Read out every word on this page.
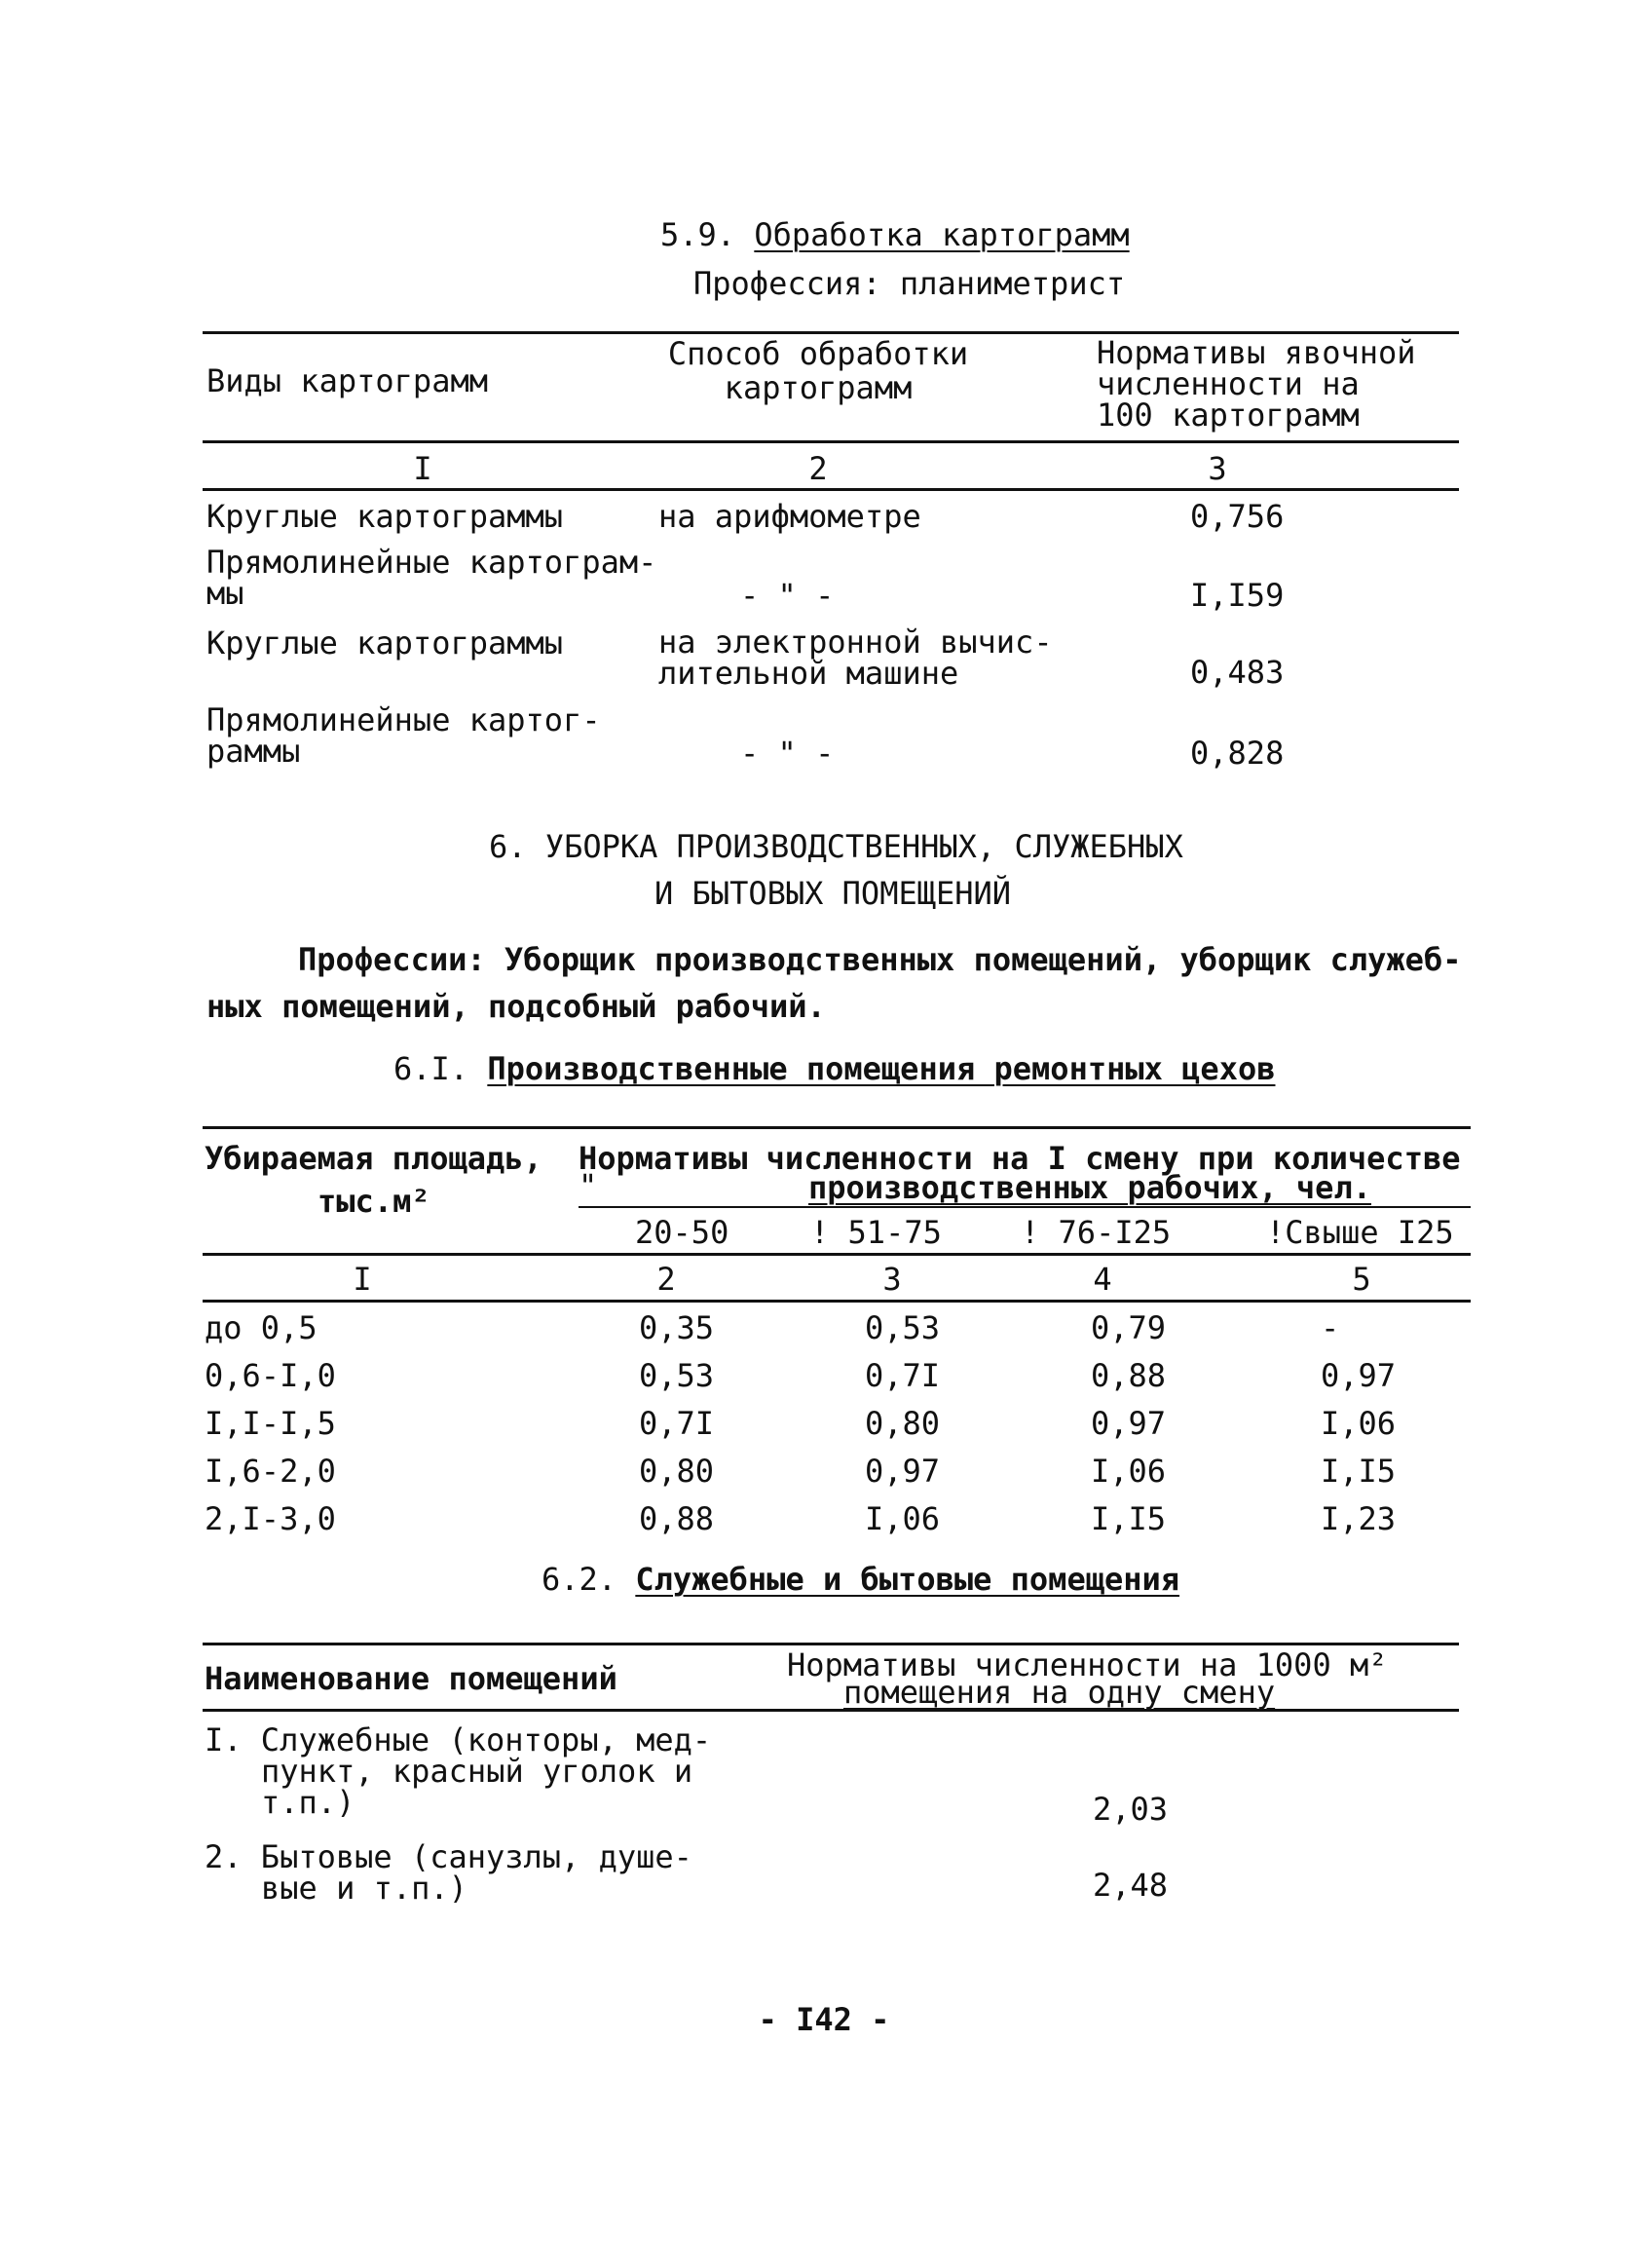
5.9. Обработка картограмм
Профессия: планиметрист
Виды картограмм
Способ обработки
картограмм
Нормативы явочной
численности на
100 картограмм
I	2	3
Круглые картограммы	на арифмометре	0,756
Прямолинейные картограм-
мы	- " -	I,I59
Круглые картограммы	на электронной вычис-
лительной машине	0,483
Прямолинейные картог-
раммы	- " -	0,828
6. УБОРКА ПРОИЗВОДСТВЕННЫХ, СЛУЖЕБНЫХ
И БЫТОВЫХ ПОМЕЩЕНИЙ
Профессии: Уборщик производственных помещений, уборщик служеб-
ных помещений, подсобный рабочий.
6.I. Производственные помещения ремонтных цехов
Убираемая площадь,
тыс.м²
Нормативы численности на I смену при количестве
"	производственных рабочих, чел.
20-50	! 51-75	! 76-I25	!Свыше I25
I	2	3	4	5
до 0,5	0,35	0,53	0,79	-
0,6-I,0	0,53	0,7I	0,88	0,97
I,I-I,5	0,7I	0,80	0,97	I,06
I,6-2,0	0,80	0,97	I,06	I,I5
2,I-3,0	0,88	I,06	I,I5	I,23
6.2. Служебные и бытовые помещения
Наименование помещений	Нормативы численности на 1000 м²
помещения на одну смену
I. Служебные (конторы, мед-
пункт, красный уголок и
т.п.)	2,03
2. Бытовые (санузлы, душе-
вые и т.п.)	2,48
- I42 -
